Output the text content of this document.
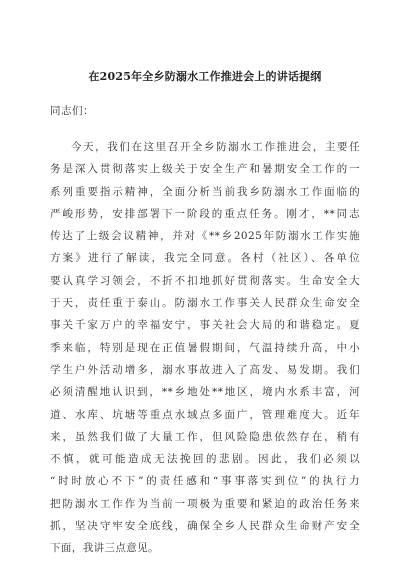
在2025年全乡防溺水工作推进会上的讲话提纲

同志们：

今天，我们在这里召开全乡防溺水工作推进会，主要任
务是深入贯彻落实上级关于安全生产和暑期安全工作的一
系列重要指示精神，全面分析当前我乡防溺水工作面临的
严峻形势，安排部署下一阶段的重点任务。刚才，**同志
传达了上级会议精神，并对《**乡2025年防溺水工作实施
方案》进行了解读，我完全同意。各村（社区）、各单位
要认真学习领会，不折不扣地抓好贯彻落实。生命安全大
于天，责任重于泰山。防溺水工作事关人民群众生命安全
事关千家万户的幸福安宁，事关社会大局的和谐稳定。夏
季来临，特别是现在正值暑假期间，气温持续升高，中小
学生户外活动增多，溺水事故进入了高发、易发期。我们
必须清醒地认识到，**乡地处**地区，境内水系丰富，河
道、水库、坑塘等重点水域点多面广，管理难度大。近年
来，虽然我们做了大量工作，但风险隐患依然存在，稍有
不慎，就可能造成无法挽回的悲剧。因此，我们必须以
“时时放心不下”的责任感和“事事落实到位”的执行力
把防溺水工作作为当前一项极为重要和紧迫的政治任务来
抓，坚决守牢安全底线，确保全乡人民群众生命财产安全
下面，我讲三点意见。
